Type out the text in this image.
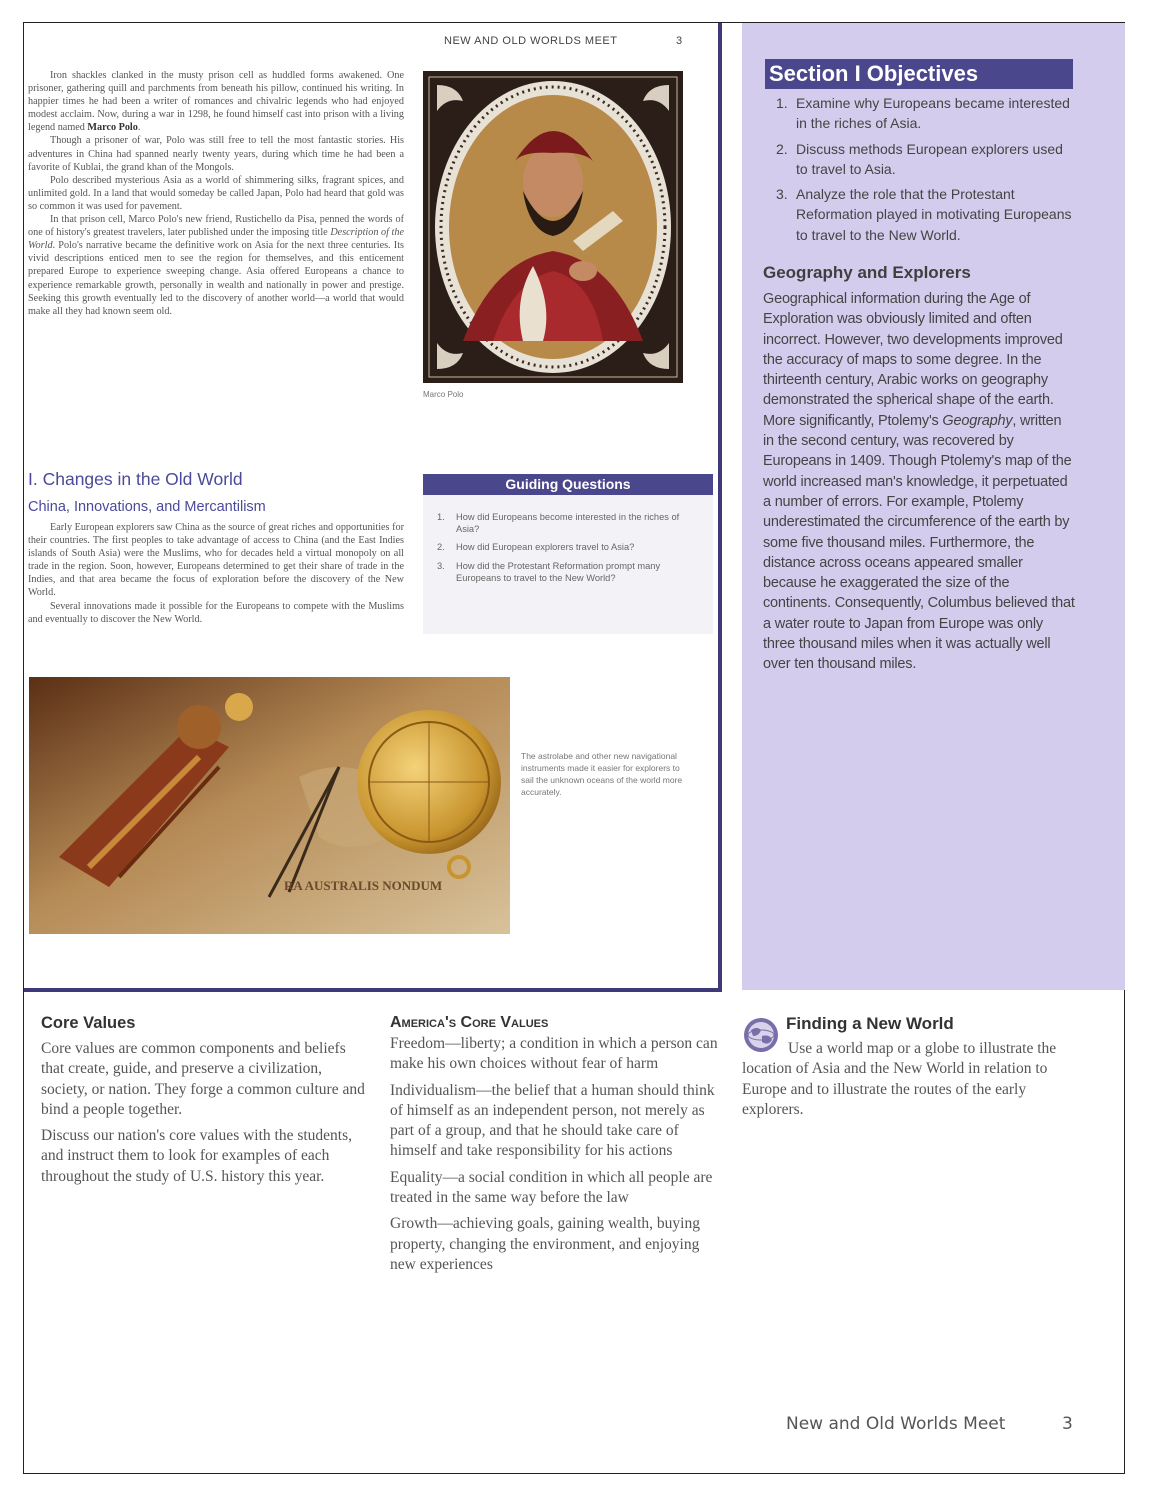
NEW AND OLD WORLDS MEET	3

Iron shackles clanked in the musty prison cell as huddled forms awakened. One prisoner, gathering quill and parchments from beneath his pillow, continued his writing. In happier times he had been a writer of romances and chivalric legends who had enjoyed modest acclaim. Now, during a war in 1298, he found himself cast into prison with a living legend named Marco Polo.

Though a prisoner of war, Polo was still free to tell the most fantastic stories. His adventures in China had spanned nearly twenty years, during which time he had been a favorite of Kublai, the grand khan of the Mongols.

Polo described mysterious Asia as a world of shimmering silks, fragrant spices, and unlimited gold. In a land that would someday be called Japan, Polo had heard that gold was so common it was used for pavement.

In that prison cell, Marco Polo's new friend, Rustichello da Pisa, penned the words of one of history's greatest travelers, later published under the imposing title Description of the World. Polo's narrative became the definitive work on Asia for the next three centuries. Its vivid descriptions enticed men to see the region for themselves, and this enticement prepared Europe to experience sweeping change. Asia offered Europeans a chance to experience remarkable growth, personally in wealth and nationally in power and prestige. Seeking this growth eventually led to the discovery of another world—a world that would make all they had known seem old.

Marco Polo
I. Changes in the Old World
China, Innovations, and Mercantilism

Early European explorers saw China as the source of great riches and opportunities for their countries. The first peoples to take advantage of access to China (and the East Indies islands of South Asia) were the Muslims, who for decades held a virtual monopoly on all trade in the region. Soon, however, Europeans determined to get their share of trade in the Indies, and that area became the focus of exploration before the discovery of the New World.

Several innovations made it possible for the Europeans to compete with the Muslims and eventually to discover the New World.

Guiding Questions
1.	How did Europeans become interested in the riches of Asia?
2.	How did European explorers travel to Asia?
3.	How did the Protestant Reformation prompt many Europeans to travel to the New World?
RA AUSTRALIS NONDUM
The astrolabe and other new navigational instruments made it easier for explorers to sail the unknown oceans of the world more accurately.
Section I Objectives
1. Examine why Europeans became interested in the riches of Asia.
2. Discuss methods European explorers used to travel to Asia.
3. Analyze the role that the Protestant Reformation played in motivating Europeans to travel to the New World.
Geography and Explorers
Geographical information during the Age of Exploration was obviously limited and often incorrect. However, two developments improved the accuracy of maps to some degree. In the thirteenth century, Arabic works on geography demonstrated the spherical shape of the earth. More significantly, Ptolemy's Geography, written in the second century, was recovered by Europeans in 1409. Though Ptolemy's map of the world increased man's knowledge, it perpetuated a number of errors. For example, Ptolemy underestimated the circumference of the earth by some five thousand miles. Furthermore, the distance across oceans appeared smaller because he exaggerated the size of the continents. Consequently, Columbus believed that a water route to Japan from Europe was only three thousand miles when it was actually well over ten thousand miles.
Core Values

Core values are common components and beliefs that create, guide, and preserve a civilization, society, or nation. They forge a common culture and bind a people together.

Discuss our nation's core values with the students, and instruct them to look for examples of each throughout the study of U.S. history this year.

America's Core Values

Freedom—liberty; a condition in which a person can make his own choices without fear of harm

Individualism—the belief that a human should think of himself as an independent person, not merely as part of a group, and that he should take care of himself and take responsibility for his actions

Equality—a social condition in which all people are treated in the same way before the law

Growth—achieving goals, gaining wealth, buying property, changing the environment, and enjoying new experiences

Finding a New World
Use a world map or a globe to illustrate the location of Asia and the New World in relation to Europe and to illustrate the routes of the early explorers.
New and Old Worlds Meet	3
